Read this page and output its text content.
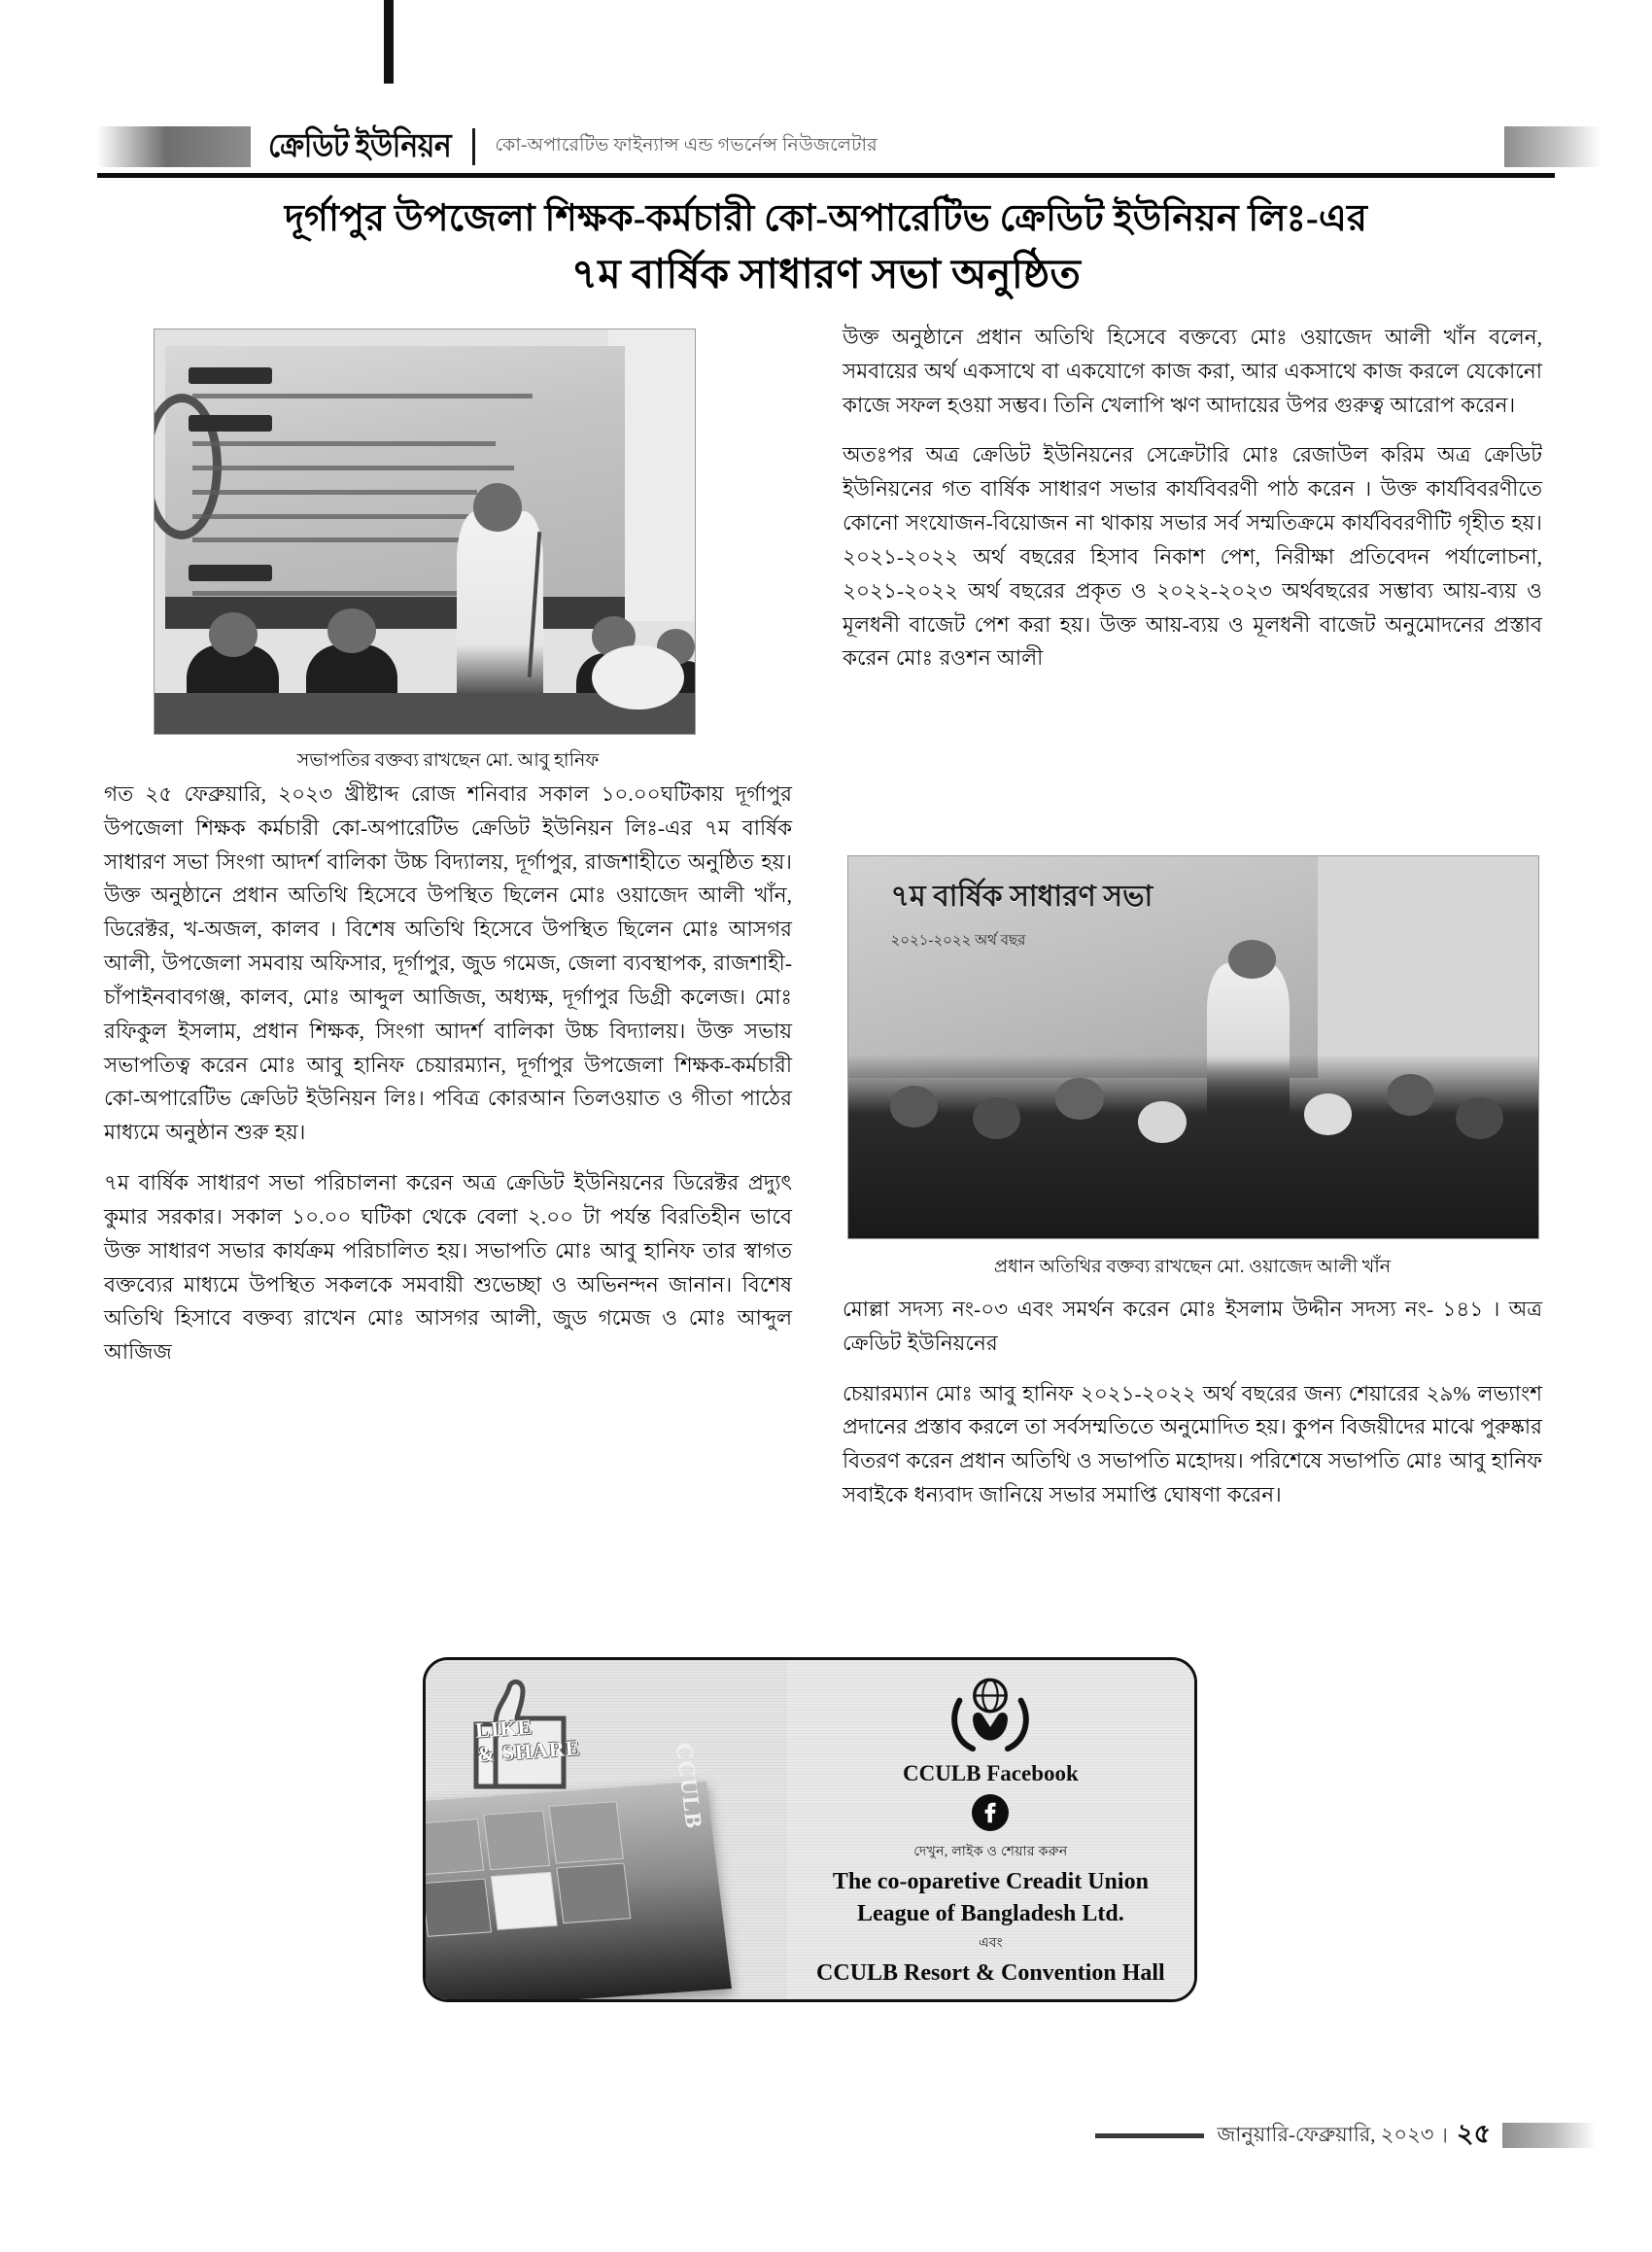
ক্রেডিট ইউনিয়ন	কো-অপারেটিভ ফাইন্যান্স এন্ড গভর্নেন্স নিউজলেটার
দূর্গাপুর উপজেলা শিক্ষক-কর্মচারী কো-অপারেটিভ ক্রেডিট ইউনিয়ন লিঃ-এর
৭ম বার্ষিক সাধারণ সভা অনুষ্ঠিত
সভাপতির বক্তব্য রাখছেন মো. আবু হানিফ

গত ২৫ ফেব্রুয়ারি, ২০২৩ খ্রীষ্টাব্দ রোজ শনিবার সকাল ১০.০০ঘটিকায় দূর্গাপুর উপজেলা শিক্ষক কর্মচারী কো-অপারেটিভ ক্রেডিট ইউনিয়ন লিঃ-এর ৭ম বার্ষিক সাধারণ সভা সিংগা আদর্শ বালিকা উচ্চ বিদ্যালয়, দূর্গাপুর, রাজশাহীতে অনুষ্ঠিত হয়। উক্ত অনুষ্ঠানে প্রধান অতিথি হিসেবে উপস্থিত ছিলেন মোঃ ওয়াজেদ আলী খাঁন, ডিরেক্টর, খ-অজল, কালব । বিশেষ অতিথি হিসেবে উপস্থিত ছিলেন মোঃ আসগর আলী, উপজেলা সমবায় অফিসার, দূর্গাপুর, জুড গমেজ, জেলা ব্যবস্থাপক, রাজশাহী-চাঁপাইনবাবগঞ্জ, কালব, মোঃ আব্দুল আজিজ, অধ্যক্ষ, দূর্গাপুর ডিগ্রী কলেজ। মোঃ রফিকুল ইসলাম, প্রধান শিক্ষক, সিংগা আদর্শ বালিকা উচ্চ বিদ্যালয়। উক্ত সভায় সভাপতিত্ব করেন মোঃ আবু হানিফ চেয়ারম্যান, দূর্গাপুর উপজেলা শিক্ষক-কর্মচারী কো-অপারেটিভ ক্রেডিট ইউনিয়ন লিঃ। পবিত্র কোরআন তিলওয়াত ও গীতা পাঠের মাধ্যমে অনুষ্ঠান শুরু হয়।

৭ম বার্ষিক সাধারণ সভা পরিচালনা করেন অত্র ক্রেডিট ইউনিয়নের ডিরেক্টর প্রদ্যুৎ কুমার সরকার। সকাল ১০.০০ ঘটিকা থেকে বেলা ২.০০ টা পর্যন্ত বিরতিহীন ভাবে উক্ত সাধারণ সভার কার্যক্রম পরিচালিত হয়। সভাপতি মোঃ আবু হানিফ তার স্বাগত বক্তব্যের মাধ্যমে উপস্থিত সকলকে সমবায়ী শুভেচ্ছা ও অভিনন্দন জানান। বিশেষ অতিথি হিসাবে বক্তব্য রাখেন মোঃ আসগর আলী, জুড গমেজ ও মোঃ আব্দুল আজিজ

উক্ত অনুষ্ঠানে প্রধান অতিথি হিসেবে বক্তব্যে মোঃ ওয়াজেদ আলী খাঁন বলেন, সমবায়ের অর্থ একসাথে বা একযোগে কাজ করা, আর একসাথে কাজ করলে যেকোনো কাজে সফল হওয়া সম্ভব। তিনি খেলাপি ঋণ আদায়ের উপর গুরুত্ব আরোপ করেন।

অতঃপর অত্র ক্রেডিট ইউনিয়নের সেক্রেটারি মোঃ রেজাউল করিম অত্র ক্রেডিট ইউনিয়নের গত বার্ষিক সাধারণ সভার কার্যবিবরণী পাঠ করেন । উক্ত কার্যবিবরণীতে কোনো সংযোজন-বিয়োজন না থাকায় সভার সর্ব সম্মতিক্রমে কার্যবিবরণীটি গৃহীত হয়। ২০২১-২০২২ অর্থ বছরের হিসাব নিকাশ পেশ, নিরীক্ষা প্রতিবেদন পর্যালোচনা, ২০২১-২০২২ অর্থ বছরের প্রকৃত ও ২০২২-২০২৩ অর্থবছরের সম্ভাব্য আয়-ব্যয় ও মূলধনী বাজেট পেশ করা হয়। উক্ত আয়-ব্যয় ও মূলধনী বাজেট অনুমোদনের প্রস্তাব করেন মোঃ রওশন আলী

৭ম বার্ষিক সাধারণ সভা
২০২১-২০২২ অর্থ বছর
প্রধান অতিথির বক্তব্য রাখছেন মো. ওয়াজেদ আলী খাঁন

মোল্লা সদস্য নং-০৩ এবং সমর্থন করেন মোঃ ইসলাম উদ্দীন সদস্য নং- ১৪১ । অত্র ক্রেডিট ইউনিয়নের

চেয়ারম্যান মোঃ আবু হানিফ ২০২১-২০২২ অর্থ বছরের জন্য শেয়ারের ২৯% লভ্যাংশ প্রদানের প্রস্তাব করলে তা সর্বসম্মতিতে অনুমোদিত হয়। কুপন বিজয়ীদের মাঝে পুরুষ্কার বিতরণ করেন প্রধান অতিথি ও সভাপতি মহোদয়। পরিশেষে সভাপতি মোঃ আবু হানিফ সবাইকে ধন্যবাদ জানিয়ে সভার সমাপ্তি ঘোষণা করেন।

LIKE
& SHARE	CCULB	CCULB Facebook
দেখুন, লাইক ও শেয়ার করুন
The co-oparetive Creadit Union
League of Bangladesh Ltd.
এবং
CCULB Resort & Convention Hall
জানুয়ারি-ফেব্রুয়ারি, ২০২৩ | ২৫
